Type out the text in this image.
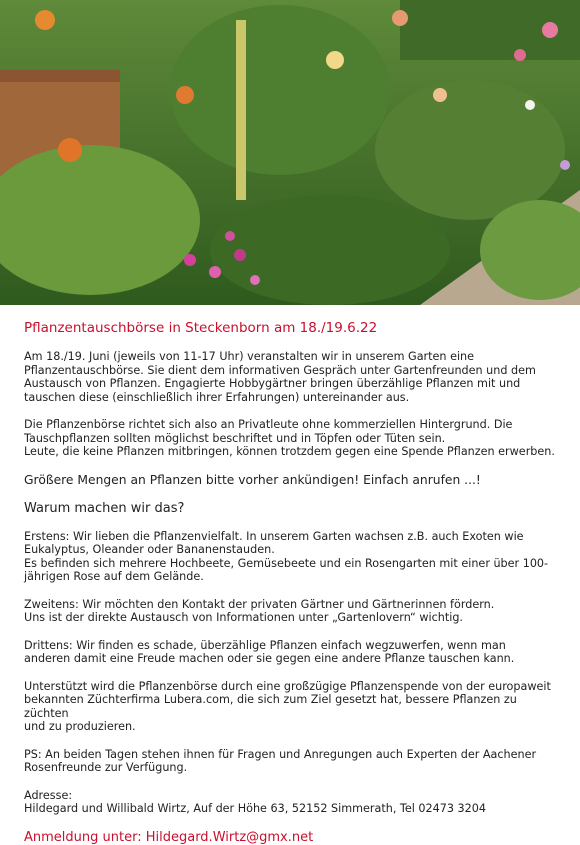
Pflanzentauschbörse in Steckenborn am 18./19.6.22
Am 18./19. Juni (jeweils von 11-17 Uhr) veranstalten wir in unserem Garten eine
Pflanzentauschbörse. Sie dient dem informativen Gespräch unter Gartenfreunden und dem
Austausch von Pflanzen. Engagierte Hobbygärtner bringen überzählige Pflanzen mit und
tauschen diese (einschließlich ihrer Erfahrungen) untereinander aus.
Die Pflanzenbörse richtet sich also an Privatleute ohne kommerziellen Hintergrund. Die
Tauschpflanzen sollten möglichst beschriftet und in Töpfen oder Tüten sein.
Leute, die keine Pflanzen mitbringen, können trotzdem gegen eine Spende Pflanzen erwerben.
Größere Mengen an Pflanzen bitte vorher ankündigen! Einfach anrufen ...!
Warum machen wir das?
Erstens: Wir lieben die Pflanzenvielfalt. In unserem Garten wachsen z.B. auch Exoten wie
Eukalyptus, Oleander oder Bananenstauden.
Es befinden sich mehrere Hochbeete, Gemüsebeete und ein Rosengarten mit einer über 100-
jährigen Rose auf dem Gelände.
Zweitens: Wir möchten den Kontakt der privaten Gärtner und Gärtnerinnen fördern.
Uns ist der direkte Austausch von Informationen unter „Gartenlovern“ wichtig.
Drittens: Wir finden es schade, überzählige Pflanzen einfach wegzuwerfen, wenn man
anderen damit eine Freude machen oder sie gegen eine andere Pflanze tauschen kann.
Unterstützt wird die Pflanzenbörse durch eine großzügige Pflanzenspende von der europaweit
bekannten Züchterfirma Lubera.com, die sich zum Ziel gesetzt hat, bessere Pflanzen zu züchten
und zu produzieren.
PS: An beiden Tagen stehen ihnen für Fragen und Anregungen auch Experten der Aachener
Rosenfreunde zur Verfügung.
Adresse:
Hildegard und Willibald Wirtz, Auf der Höhe 63, 52152 Simmerath, Tel 02473 3204
Anmeldung unter: Hildegard.Wirtz@gmx.net
